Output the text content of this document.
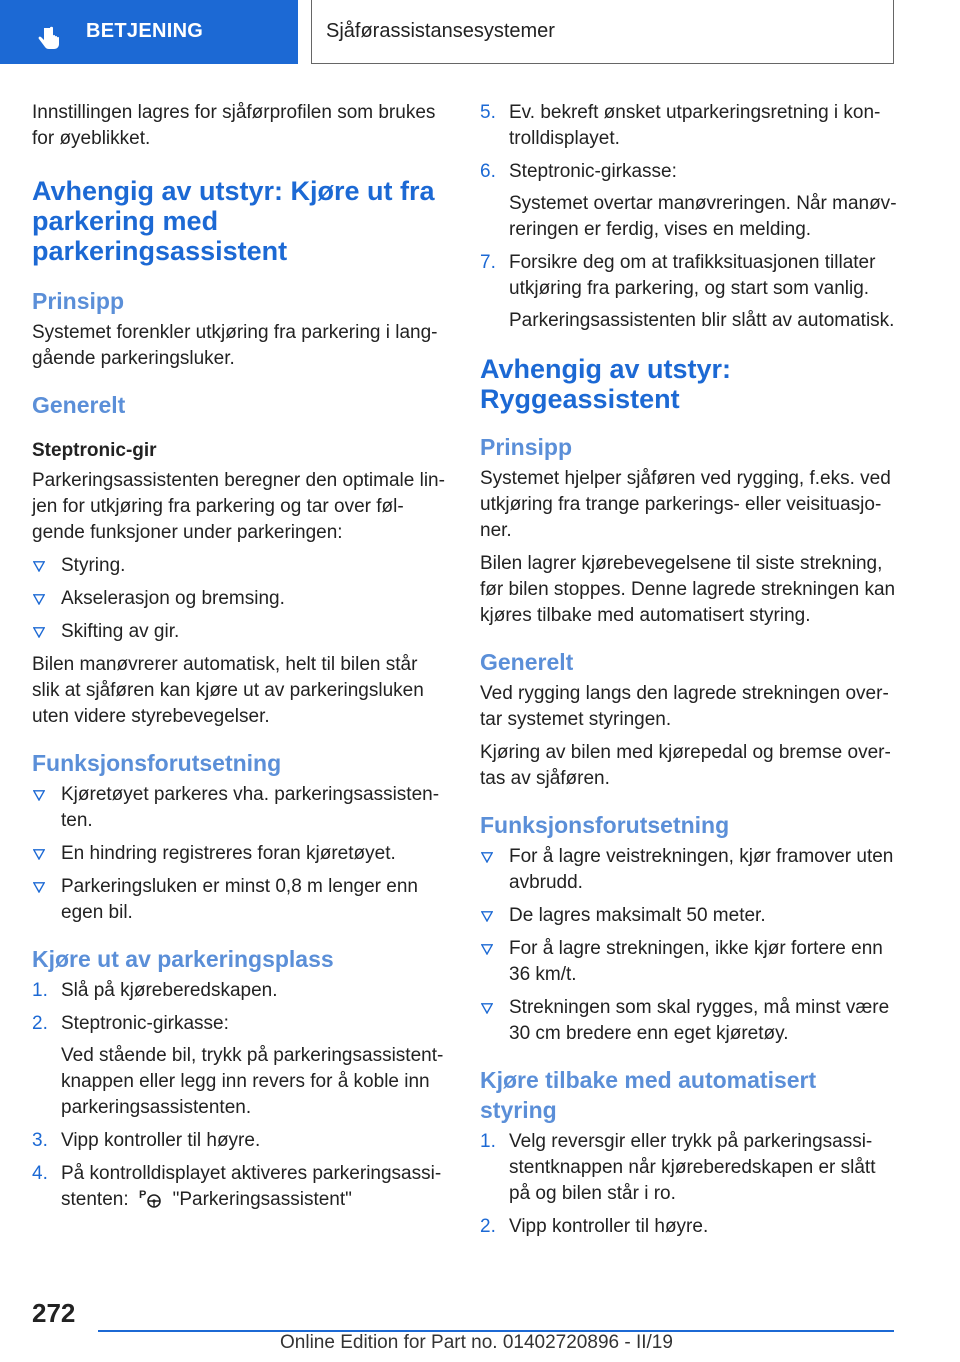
BETJENING	Sjåførassistansesystemer

Innstillingen lagres for sjåførprofilen som brukes for øyeblikket.

Avhengig av utstyr: Kjøre ut fra parkering med parkeringsassistent
Prinsipp

Systemet forenkler utkjøring fra parkering i langgående parkeringsluker.

Generelt
Steptronic-gir

Parkeringsassistenten beregner den optimale linjen for utkjøring fra parkering og tar over følgende funksjoner under parkeringen:

Styring.
Akselerasjon og bremsing.
Skifting av gir.

Bilen manøvrerer automatisk, helt til bilen står slik at sjåføren kan kjøre ut av parkeringsluken uten videre styrebevegelser.

Funksjonsforutsetning
Kjøretøyet parkeres vha. parkeringsassistenten.
En hindring registreres foran kjøretøyet.
Parkeringsluken er minst 0,8 m lenger enn egen bil.
Kjøre ut av parkeringsplass
1. Slå på kjøreberedskapen.
2. Steptronic-girkasse:
Ved stående bil, trykk på parkeringsassistentknappen eller legg inn revers for å koble inn parkeringsassistenten.
3. Vipp kontroller til høyre.
4. På kontrolldisplayet aktiveres parkeringsassistenten: P "Parkeringsassistent"
5. Ev. bekreft ønsket utparkeringsretning i kontrolldisplayet.
6. Steptronic-girkasse:
Systemet overtar manøvreringen. Når manøvreringen er ferdig, vises en melding.
7. Forsikre deg om at trafikksituasjonen tillater utkjøring fra parkering, og start som vanlig.
Parkeringsassistenten blir slått av automatisk.
Avhengig av utstyr: Ryggeassistent
Prinsipp

Systemet hjelper sjåføren ved rygging, f.eks. ved utkjøring fra trange parkerings- eller veisituasjoner.

Bilen lagrer kjørebevegelsene til siste strekning, før bilen stoppes. Denne lagrede strekningen kan kjøres tilbake med automatisert styring.

Generelt

Ved rygging langs den lagrede strekningen overtar systemet styringen.

Kjøring av bilen med kjørepedal og bremse overtas av sjåføren.

Funksjonsforutsetning
For å lagre veistrekningen, kjør framover uten avbrudd.
De lagres maksimalt 50 meter.
For å lagre strekningen, ikke kjør fortere enn 36 km/t.
Strekningen som skal rygges, må minst være 30 cm bredere enn eget kjøretøy.
Kjøre tilbake med automatisert styring
1. Velg reversgir eller trykk på parkeringsassistentknappen når kjøreberedskapen er slått på og bilen står i ro.
2. Vipp kontroller til høyre.
272
Online Edition for Part no. 01402720896 - II/19
